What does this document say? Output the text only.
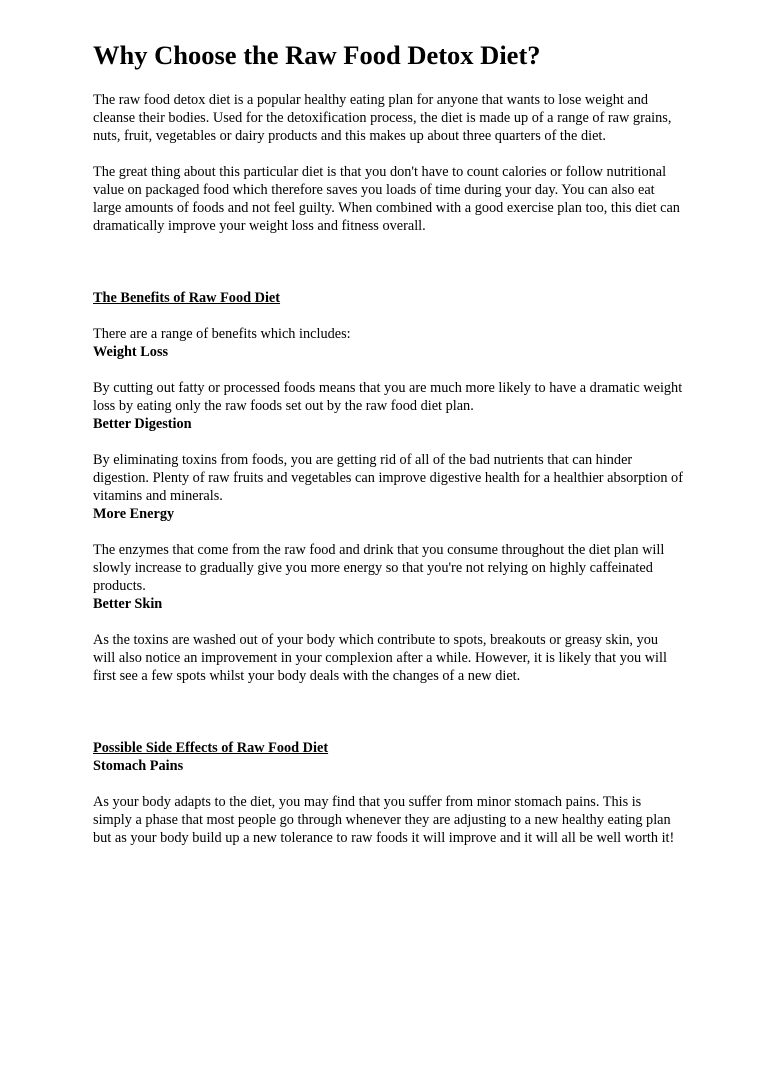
Why Choose the Raw Food Detox Diet?

The raw food detox diet is a popular healthy eating plan for anyone that wants to lose weight and cleanse their bodies. Used for the detoxification process, the diet is made up of a range of raw grains, nuts, fruit, vegetables or dairy products and this makes up about three quarters of the diet.

The great thing about this particular diet is that you don't have to count calories or follow nutritional value on packaged food which therefore saves you loads of time during your day. You can also eat large amounts of foods and not feel guilty. When combined with a good exercise plan too, this diet can dramatically improve your weight loss and fitness overall.

The Benefits of Raw Food Diet

There are a range of benefits which includes:

Weight Loss

By cutting out fatty or processed foods means that you are much more likely to have a dramatic weight loss by eating only the raw foods set out by the raw food diet plan.

Better Digestion

By eliminating toxins from foods, you are getting rid of all of the bad nutrients that can hinder digestion. Plenty of raw fruits and vegetables can improve digestive health for a healthier absorption of vitamins and minerals.

More Energy

The enzymes that come from the raw food and drink that you consume throughout the diet plan will slowly increase to gradually give you more energy so that you're not relying on highly caffeinated products.

Better Skin

As the toxins are washed out of your body which contribute to spots, breakouts or greasy skin, you will also notice an improvement in your complexion after a while. However, it is likely that you will first see a few spots whilst your body deals with the changes of a new diet.

Possible Side Effects of Raw Food Diet

Stomach Pains

As your body adapts to the diet, you may find that you suffer from minor stomach pains. This is simply a phase that most people go through whenever they are adjusting to a new healthy eating plan but as your body build up a new tolerance to raw foods it will improve and it will all be well worth it!
